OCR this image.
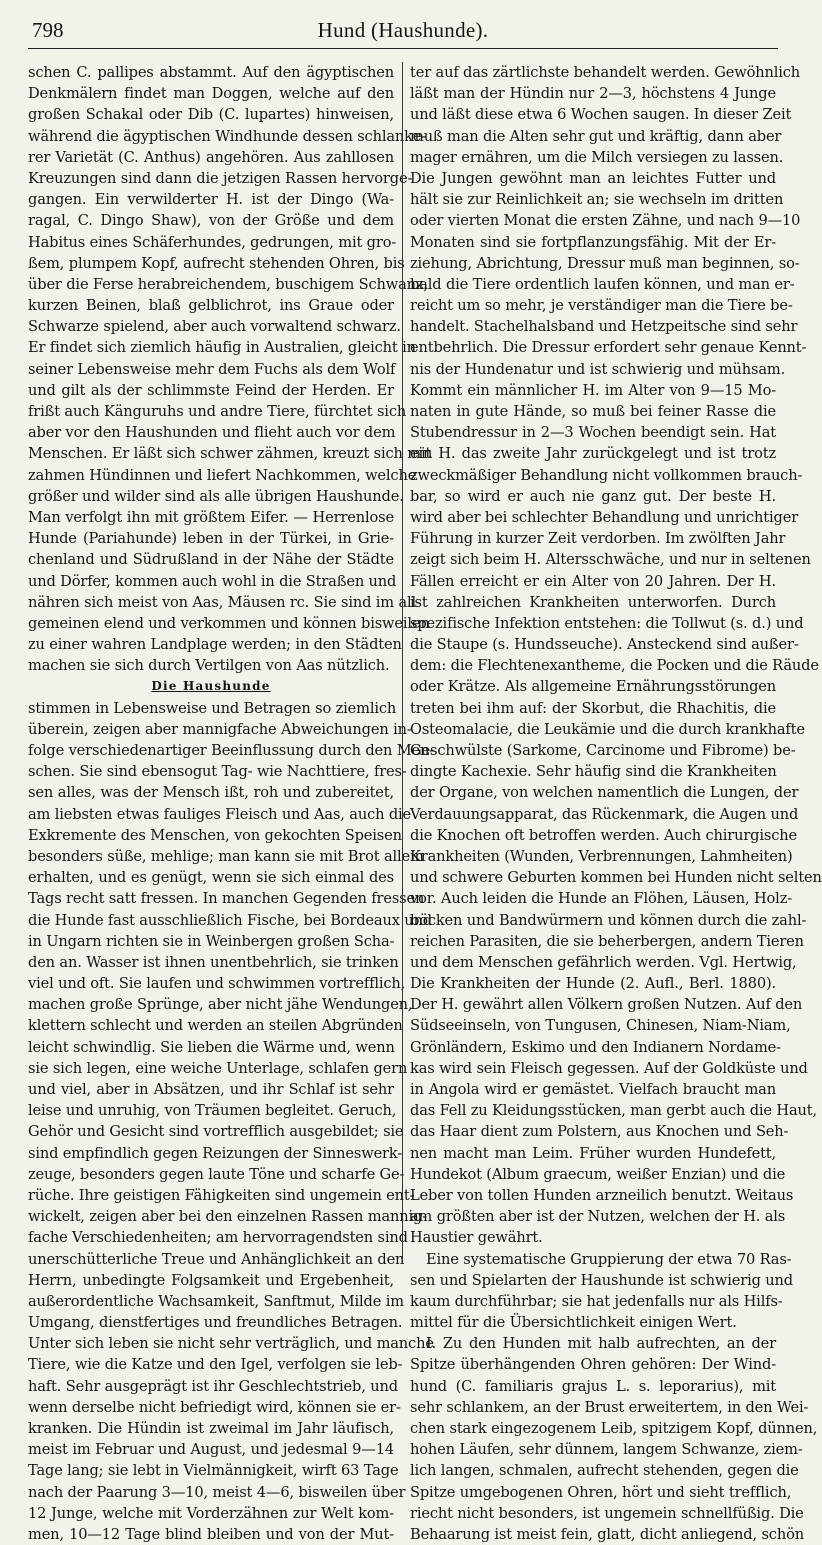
798	Hund (Haushunde).
schen C. pallipes abstammt. Auf den ägyptischen
Denkmälern findet man Doggen, welche auf den
großen Schakal oder Dib (C. lupartes) hinweisen,
während die ägyptischen Windhunde dessen schlanke-
rer Varietät (C. Anthus) angehören. Aus zahllosen
Kreuzungen sind dann die jetzigen Rassen hervorge-
gangen. Ein verwilderter H. ist der Dingo (Wa-
ragal, C. Dingo Shaw), von der Größe und dem
Habitus eines Schäferhundes, gedrungen, mit gro-
ßem, plumpem Kopf, aufrecht stehenden Ohren, bis
über die Ferse herabreichendem, buschigem Schwanz,
kurzen Beinen, blaß gelblichrot, ins Graue oder
Schwarze spielend, aber auch vorwaltend schwarz.
Er findet sich ziemlich häufig in Australien, gleicht in
seiner Lebensweise mehr dem Fuchs als dem Wolf
und gilt als der schlimmste Feind der Herden. Er
frißt auch Känguruhs und andre Tiere, fürchtet sich
aber vor den Haushunden und flieht auch vor dem
Menschen. Er läßt sich schwer zähmen, kreuzt sich mit
zahmen Hündinnen und liefert Nachkommen, welche
größer und wilder sind als alle übrigen Haushunde.
Man verfolgt ihn mit größtem Eifer. — Herrenlose
Hunde (Pariahunde) leben in der Türkei, in Grie-
chenland und Südrußland in der Nähe der Städte
und Dörfer, kommen auch wohl in die Straßen und
nähren sich meist von Aas, Mäusen rc. Sie sind im all-
gemeinen elend und verkommen und können bisweilen
zu einer wahren Landplage werden; in den Städten
machen sie sich durch Vertilgen von Aas nützlich.
Die Haushunde
stimmen in Lebensweise und Betragen so ziemlich
überein, zeigen aber mannigfache Abweichungen in-
folge verschiedenartiger Beeinflussung durch den Men-
schen. Sie sind ebensogut Tag- wie Nachttiere, fres-
sen alles, was der Mensch ißt, roh und zubereitet,
am liebsten etwas fauliges Fleisch und Aas, auch die
Exkremente des Menschen, von gekochten Speisen
besonders süße, mehlige; man kann sie mit Brot allein
erhalten, und es genügt, wenn sie sich einmal des
Tags recht satt fressen. In manchen Gegenden fressen
die Hunde fast ausschließlich Fische, bei Bordeaux und
in Ungarn richten sie in Weinbergen großen Scha-
den an. Wasser ist ihnen unentbehrlich, sie trinken
viel und oft. Sie laufen und schwimmen vortrefflich,
machen große Sprünge, aber nicht jähe Wendungen,
klettern schlecht und werden an steilen Abgründen
leicht schwindlig. Sie lieben die Wärme und, wenn
sie sich legen, eine weiche Unterlage, schlafen gern
und viel, aber in Absätzen, und ihr Schlaf ist sehr
leise und unruhig, von Träumen begleitet. Geruch,
Gehör und Gesicht sind vortrefflich ausgebildet; sie
sind empfindlich gegen Reizungen der Sinneswerk-
zeuge, besonders gegen laute Töne und scharfe Ge-
rüche. Ihre geistigen Fähigkeiten sind ungemein ent-
wickelt, zeigen aber bei den einzelnen Rassen mannig-
fache Verschiedenheiten; am hervorragendsten sind
unerschütterliche Treue und Anhänglichkeit an den
Herrn, unbedingte Folgsamkeit und Ergebenheit,
außerordentliche Wachsamkeit, Sanftmut, Milde im
Umgang, dienstfertiges und freundliches Betragen.
Unter sich leben sie nicht sehr verträglich, und manche
Tiere, wie die Katze und den Igel, verfolgen sie leb-
haft. Sehr ausgeprägt ist ihr Geschlechtstrieb, und
wenn derselbe nicht befriedigt wird, können sie er-
kranken. Die Hündin ist zweimal im Jahr läufisch,
meist im Februar und August, und jedesmal 9—14
Tage lang; sie lebt in Vielmännigkeit, wirft 63 Tage
nach der Paarung 3—10, meist 4—6, bisweilen über
12 Junge, welche mit Vorderzähnen zur Welt kom-
men, 10—12 Tage blind bleiben und von der Mut-
ter auf das zärtlichste behandelt werden. Gewöhnlich
läßt man der Hündin nur 2—3, höchstens 4 Junge
und läßt diese etwa 6 Wochen saugen. In dieser Zeit
muß man die Alten sehr gut und kräftig, dann aber
mager ernähren, um die Milch versiegen zu lassen.
Die Jungen gewöhnt man an leichtes Futter und
hält sie zur Reinlichkeit an; sie wechseln im dritten
oder vierten Monat die ersten Zähne, und nach 9—10
Monaten sind sie fortpflanzungsfähig. Mit der Er-
ziehung, Abrichtung, Dressur muß man beginnen, so-
bald die Tiere ordentlich laufen können, und man er-
reicht um so mehr, je verständiger man die Tiere be-
handelt. Stachelhalsband und Hetzpeitsche sind sehr
entbehrlich. Die Dressur erfordert sehr genaue Kennt-
nis der Hundenatur und ist schwierig und mühsam.
Kommt ein männlicher H. im Alter von 9—15 Mo-
naten in gute Hände, so muß bei feiner Rasse die
Stubendressur in 2—3 Wochen beendigt sein. Hat
ein H. das zweite Jahr zurückgelegt und ist trotz
zweckmäßiger Behandlung nicht vollkommen brauch-
bar, so wird er auch nie ganz gut. Der beste H.
wird aber bei schlechter Behandlung und unrichtiger
Führung in kurzer Zeit verdorben. Im zwölften Jahr
zeigt sich beim H. Altersschwäche, und nur in seltenen
Fällen erreicht er ein Alter von 20 Jahren. Der H.
ist zahlreichen Krankheiten unterworfen. Durch
spezifische Infektion entstehen: die Tollwut (s. d.) und
die Staupe (s. Hundsseuche). Ansteckend sind außer-
dem: die Flechtenexantheme, die Pocken und die Räude
oder Krätze. Als allgemeine Ernährungsstörungen
treten bei ihm auf: der Skorbut, die Rhachitis, die
Osteomalacie, die Leukämie und die durch krankhafte
Geschwülste (Sarkome, Carcinome und Fibrome) be-
dingte Kachexie. Sehr häufig sind die Krankheiten
der Organe, von welchen namentlich die Lungen, der
Verdauungsapparat, das Rückenmark, die Augen und
die Knochen oft betroffen werden. Auch chirurgische
Krankheiten (Wunden, Verbrennungen, Lahmheiten)
und schwere Geburten kommen bei Hunden nicht selten
vor. Auch leiden die Hunde an Flöhen, Läusen, Holz-
böcken und Bandwürmern und können durch die zahl-
reichen Parasiten, die sie beherbergen, andern Tieren
und dem Menschen gefährlich werden. Vgl. Hertwig,
Die Krankheiten der Hunde (2. Aufl., Berl. 1880).
Der H. gewährt allen Völkern großen Nutzen. Auf den
Südseeinseln, von Tungusen, Chinesen, Niam-Niam,
Grönländern, Eskimo und den Indianern Nordame-
kas wird sein Fleisch gegessen. Auf der Goldküste und
in Angola wird er gemästet. Vielfach braucht man
das Fell zu Kleidungsstücken, man gerbt auch die Haut,
das Haar dient zum Polstern, aus Knochen und Seh-
nen macht man Leim. Früher wurden Hundefett,
Hundekot (Album graecum, weißer Enzian) und die
Leber von tollen Hunden arzneilich benutzt. Weitaus
am größten aber ist der Nutzen, welchen der H. als
Haustier gewährt.
Eine systematische Gruppierung der etwa 70 Ras-
sen und Spielarten der Haushunde ist schwierig und
kaum durchführbar; sie hat jedenfalls nur als Hilfs-
mittel für die Übersichtlichkeit einigen Wert.
I. Zu den Hunden mit halb aufrechten, an der
Spitze überhängenden Ohren gehören: Der Wind-
hund (C. familiaris grajus L. s. leporarius), mit
sehr schlankem, an der Brust erweitertem, in den Wei-
chen stark eingezogenem Leib, spitzigem Kopf, dünnen,
hohen Läufen, sehr dünnem, langem Schwanze, ziem-
lich langen, schmalen, aufrecht stehenden, gegen die
Spitze umgebogenen Ohren, hört und sieht trefflich,
riecht nicht besonders, ist ungemein schnellfüßig. Die
Behaarung ist meist fein, glatt, dicht anliegend, schön
